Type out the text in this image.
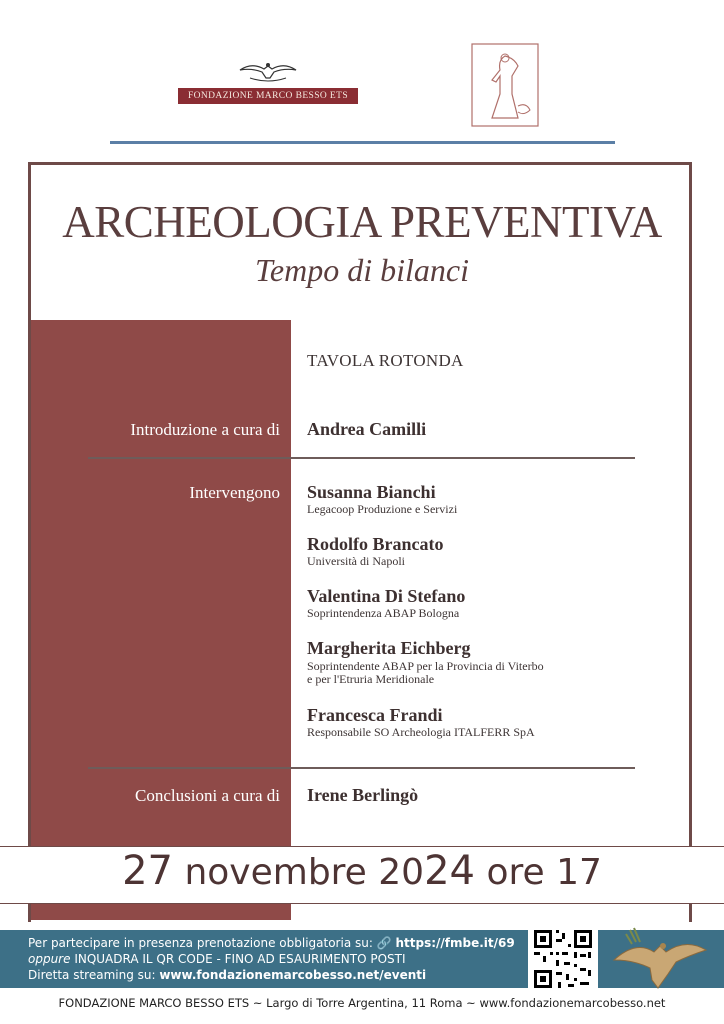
FONDAZIONE MARCO BESSO ETS
ARCHEOLOGIA PREVENTIVA
Tempo di bilanci
TAVOLA ROTONDA
Introduzione a cura di Andrea Camilli
Intervengono Susanna Bianchi
Legacoop Produzione e Servizi
Rodolfo Brancato
Università di Napoli
Valentina Di Stefano
Soprintendenza ABAP Bologna
Margherita Eichberg
Soprintendente ABAP per la Provincia di Viterbo
e per l'Etruria Meridionale
Francesca Frandi
Responsabile SO Archeologia ITALFERR SpA
Conclusioni a cura di Irene Berlingò
27 novembre 2024 ore 17
Per partecipare in presenza prenotazione obbligatoria su: 🔗 https://fmbe.it/69
oppure INQUADRA IL QR CODE - FINO AD ESAURIMENTO POSTI
Diretta streaming su: www.fondazionemarcobesso.net/eventi
FONDAZIONE MARCO BESSO ETS ~ Largo di Torre Argentina, 11 Roma ~ www.fondazionemarcobesso.net
